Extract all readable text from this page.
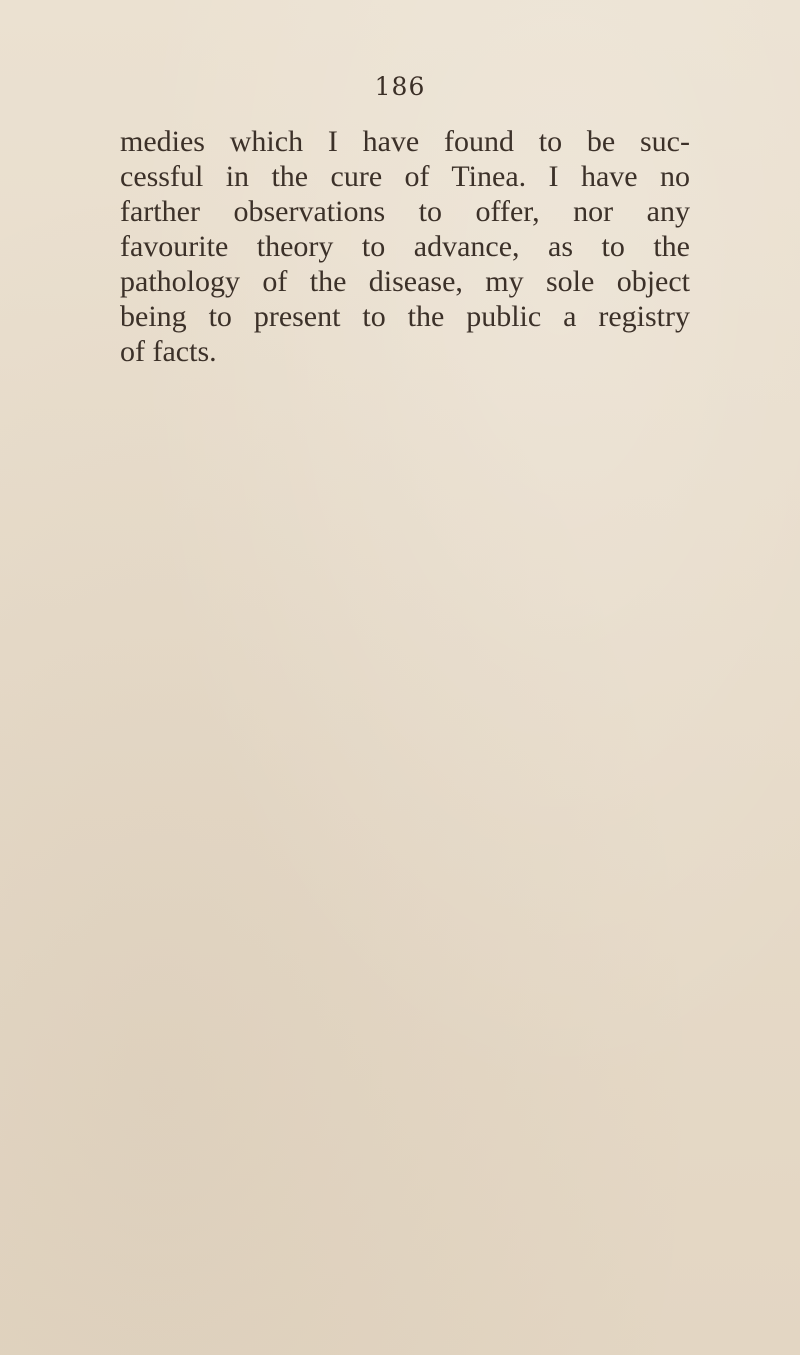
186
medies which I have found to be suc-
cessful in the cure of Tinea. I have no
farther observations to offer, nor any
favourite theory to advance, as to the
pathology of the disease, my sole object
being to present to the public a registry
of facts.
